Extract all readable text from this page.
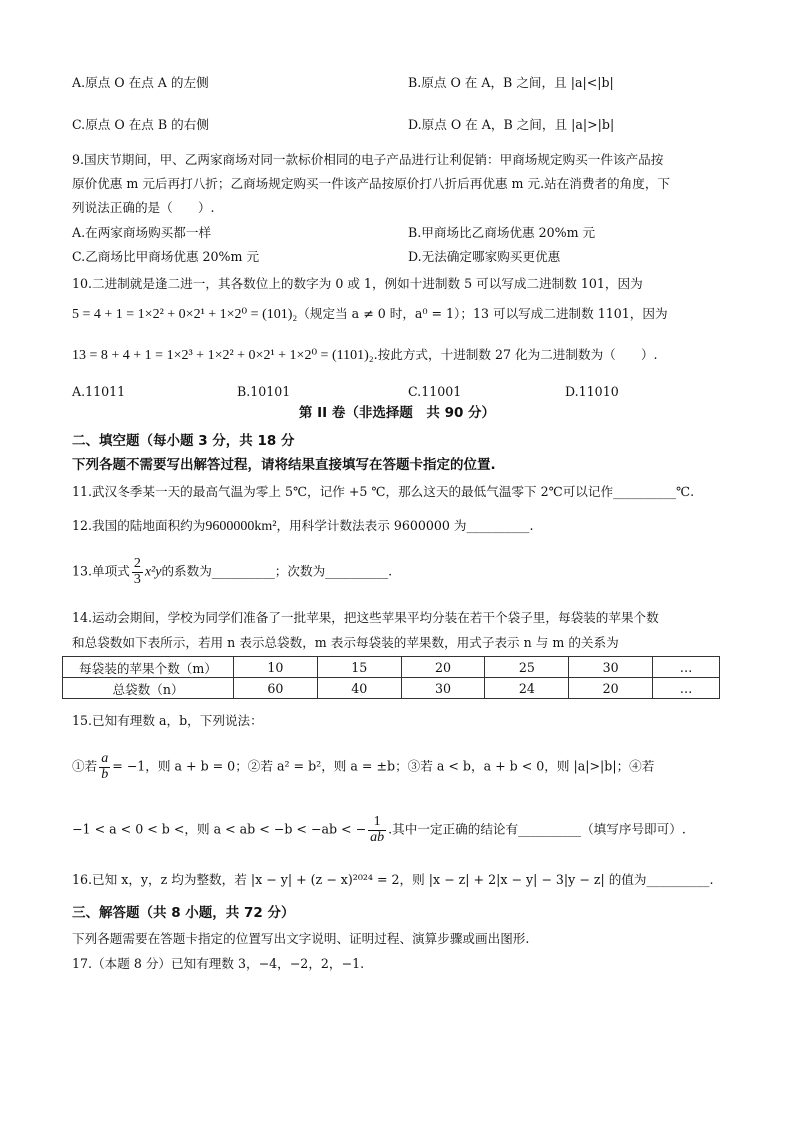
A.原点 O 在点 A 的左侧	B.原点 O 在 A，B 之间，且 |a|<|b|
C.原点 O 在点 B 的右侧	D.原点 O 在 A，B 之间，且 |a|>|b|
9.国庆节期间，甲、乙两家商场对同一款标价相同的电子产品进行让利促销：甲商场规定购买一件该产品按
原价优惠 m 元后再打八折；乙商场规定购买一件该产品按原价打八折后再优惠 m 元.站在消费者的角度，下
列说法正确的是（　　）.
A.在两家商场购买都一样	B.甲商场比乙商场优惠 20%m 元
C.乙商场比甲商场优惠 20%m 元	D.无法确定哪家购买更优惠
10.二进制就是逢二进一，其各数位上的数字为 0 或 1，例如十进制数 5 可以写成二进制数 101，因为
5 = 4 + 1 = 1×2² + 0×2¹ + 1×2⁰ = (101)₂（规定当 a ≠ 0 时，a⁰ = 1）；13 可以写成二进制数 1101，因为
13 = 8 + 4 + 1 = 1×2³ + 1×2² + 0×2¹ + 1×2⁰ = (1101)₂.按此方式，十进制数 27 化为二进制数为（　　）.
A.11011	B.10101	C.11001	D.11010
第 II 卷（非选择题　共 90 分）
二、填空题（每小题 3 分，共 18 分
下列各题不需要写出解答过程，请将结果直接填写在答题卡指定的位置.
11.武汉冬季某一天的最高气温为零上 5℃，记作 +5 ℃，那么这天的最低气温零下 2℃可以记作__________℃.
12.我国的陆地面积约为9600000km²，用科学计数法表示 9600000 为__________.
13.单项式 $\frac{2}{3} x^2y$的系数为__________；次数为__________.
14.运动会期间，学校为同学们准备了一批苹果，把这些苹果平均分装在若干个袋子里，每袋装的苹果个数
和总袋数如下表所示，若用 n 表示总袋数，m 表示每袋装的苹果数，用式子表示 n 与 m 的关系为
每袋装的苹果个数（m）	10	15	20	25	30	…
总袋数（n）	60	40	30	24	20	…
15.已知有理数 a，b，下列说法：
①若 $\frac{a}{b} = -1$，则 a + b = 0；②若 a² = b²，则 a = ±b；③若 a < b，a + b < 0，则 |a|>|b|；④若
−1 < a < 0 < b <，则 a < ab < −b < −ab < − $\frac{1}{ab}$ .其中一定正确的结论有__________（填写序号即可）.
16.已知 x，y，z 均为整数，若 |x − y| + (z − x)²⁰²⁴ = 2，则 |x − z| + 2|x − y| − 3|y − z| 的值为__________.
三、解答题（共 8 小题，共 72 分）
下列各题需要在答题卡指定的位置写出文字说明、证明过程、演算步骤或画出图形.
17.（本题 8 分）已知有理数 3，−4，−2，2，−1.
